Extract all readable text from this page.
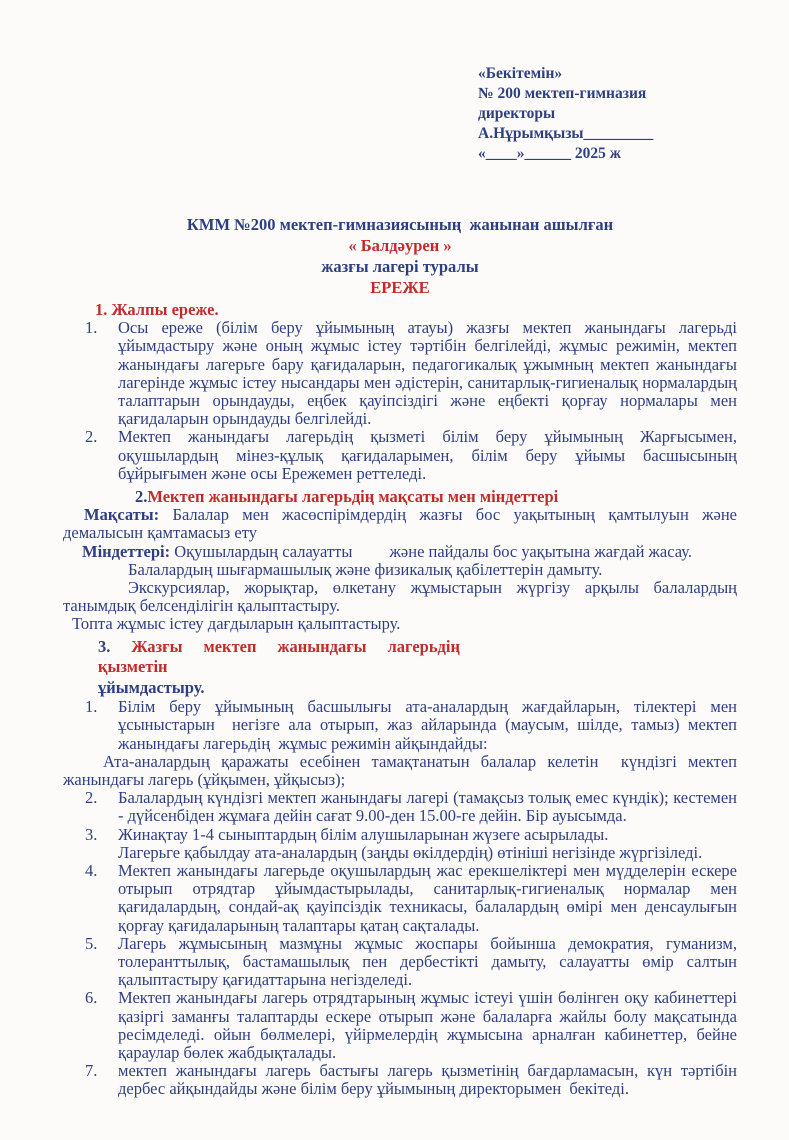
«Бекітемін»
№ 200 мектеп-гимназия
директоры
А.Нұрымқызы_________
«____»______ 2025 ж
КММ №200 мектеп-гимназиясының  жанынан ашылған
« Балдәурен »
жазғы лагері туралы
ЕРЕЖЕ
1. Жалпы ереже.
1. Осы ереже (білім беру ұйымының атауы) жазғы мектеп жанындағы лагерьді ұйымдастыру және оның жұмыс істеу тәртібін белгілейді, жұмыс режимін, мектеп жанындағы лагерьге бару қағидаларын, педагогикалық ұжымның мектеп жанындағы лагерінде жұмыс істеу нысандары мен әдістерін, санитарлық-гигиеналық нормалардың талаптарын орындауды, еңбек қауіпсіздігі және еңбекті қорғау нормалары мен қағидаларын орындауды белгілейді.
2. Мектеп жанындағы лагерьдің қызметі білім беру ұйымының Жарғысымен, оқушылардың мінез-құлық қағидаларымен, білім беру ұйымы басшысының бұйрығымен және осы Ережемен реттеледі.
2.Мектеп жанындағы лагерьдің мақсаты мен міндеттері
Мақсаты: Балалар мен жасөспірімдердің жазғы бос уақытының қамтылуын және демалысын қамтамасыз ету
Міндеттері: Оқушылардың салауатты         және пайдалы бос уақытына жағдай жасау.
Балалардың шығармашылық және физикалық қабілеттерін дамыту.
Экскурсиялар, жорықтар, өлкетану жұмыстарын жүргізу арқылы балалардың танымдық белсенділігін қалыптастыру.
Топта жұмыс істеу дағдыларын қалыптастыру.
3. Жазғы мектеп жанындағы лагерьдің қызметін
ұйымдастыру.
1. Білім беру ұйымының басшылығы ата-аналардың жағдайларын, тілектері мен ұсыныстарын  негізге ала отырып, жаз айларында (маусым, шілде, тамыз) мектеп жанындағы лагерьдің  жұмыс режимін айқындайды:
Ата-аналардың қаражаты есебінен тамақтанатын балалар келетін  күндізгі мектеп жанындағы лагерь (ұйқымен, ұйқысыз);
2. Балалардың күндізгі мектеп жанындағы лагері (тамақсыз толық емес күндік); кестемен - дүйсенбіден жұмаға дейін сағат 9.00-ден 15.00-ге дейін. Бір ауысымда.
3. Жинақтау 1-4 сыныптардың білім алушыларынан жүзеге асырылады.
Лагерьге қабылдау ата-аналардың (заңды өкілдердің) өтініші негізінде жүргізіледі.
4. Мектеп жанындағы лагерьде оқушылардың жас ерекшеліктері мен мүдделерін ескере отырып отрядтар ұйымдастырылады, санитарлық-гигиеналық нормалар мен қағидалардың, сондай-ақ қауіпсіздік техникасы, балалардың өмірі мен денсаулығын қорғау қағидаларының талаптары қатаң сақталады.
5. Лагерь жұмысының мазмұны жұмыс жоспары бойынша демократия, гуманизм, толеранттылық, бастамашылық пен дербестікті дамыту, салауатты өмір салтын қалыптастыру қағидаттарына негізделеді.
6. Мектеп жанындағы лагерь отрядтарының жұмыс істеуі үшін бөлінген оқу кабинеттері қазіргі заманғы талаптарды ескере отырып және балаларға жайлы болу мақсатында ресімделеді. ойын бөлмелері, үйірмелердің жұмысына арналған кабинеттер, бейне қараулар бөлек жабдықталады.
7. мектеп жанындағы лагерь бастығы лагерь қызметінің бағдарламасын, күн тәртібін дербес айқындайды және білім беру ұйымының директорымен  бекітеді.
